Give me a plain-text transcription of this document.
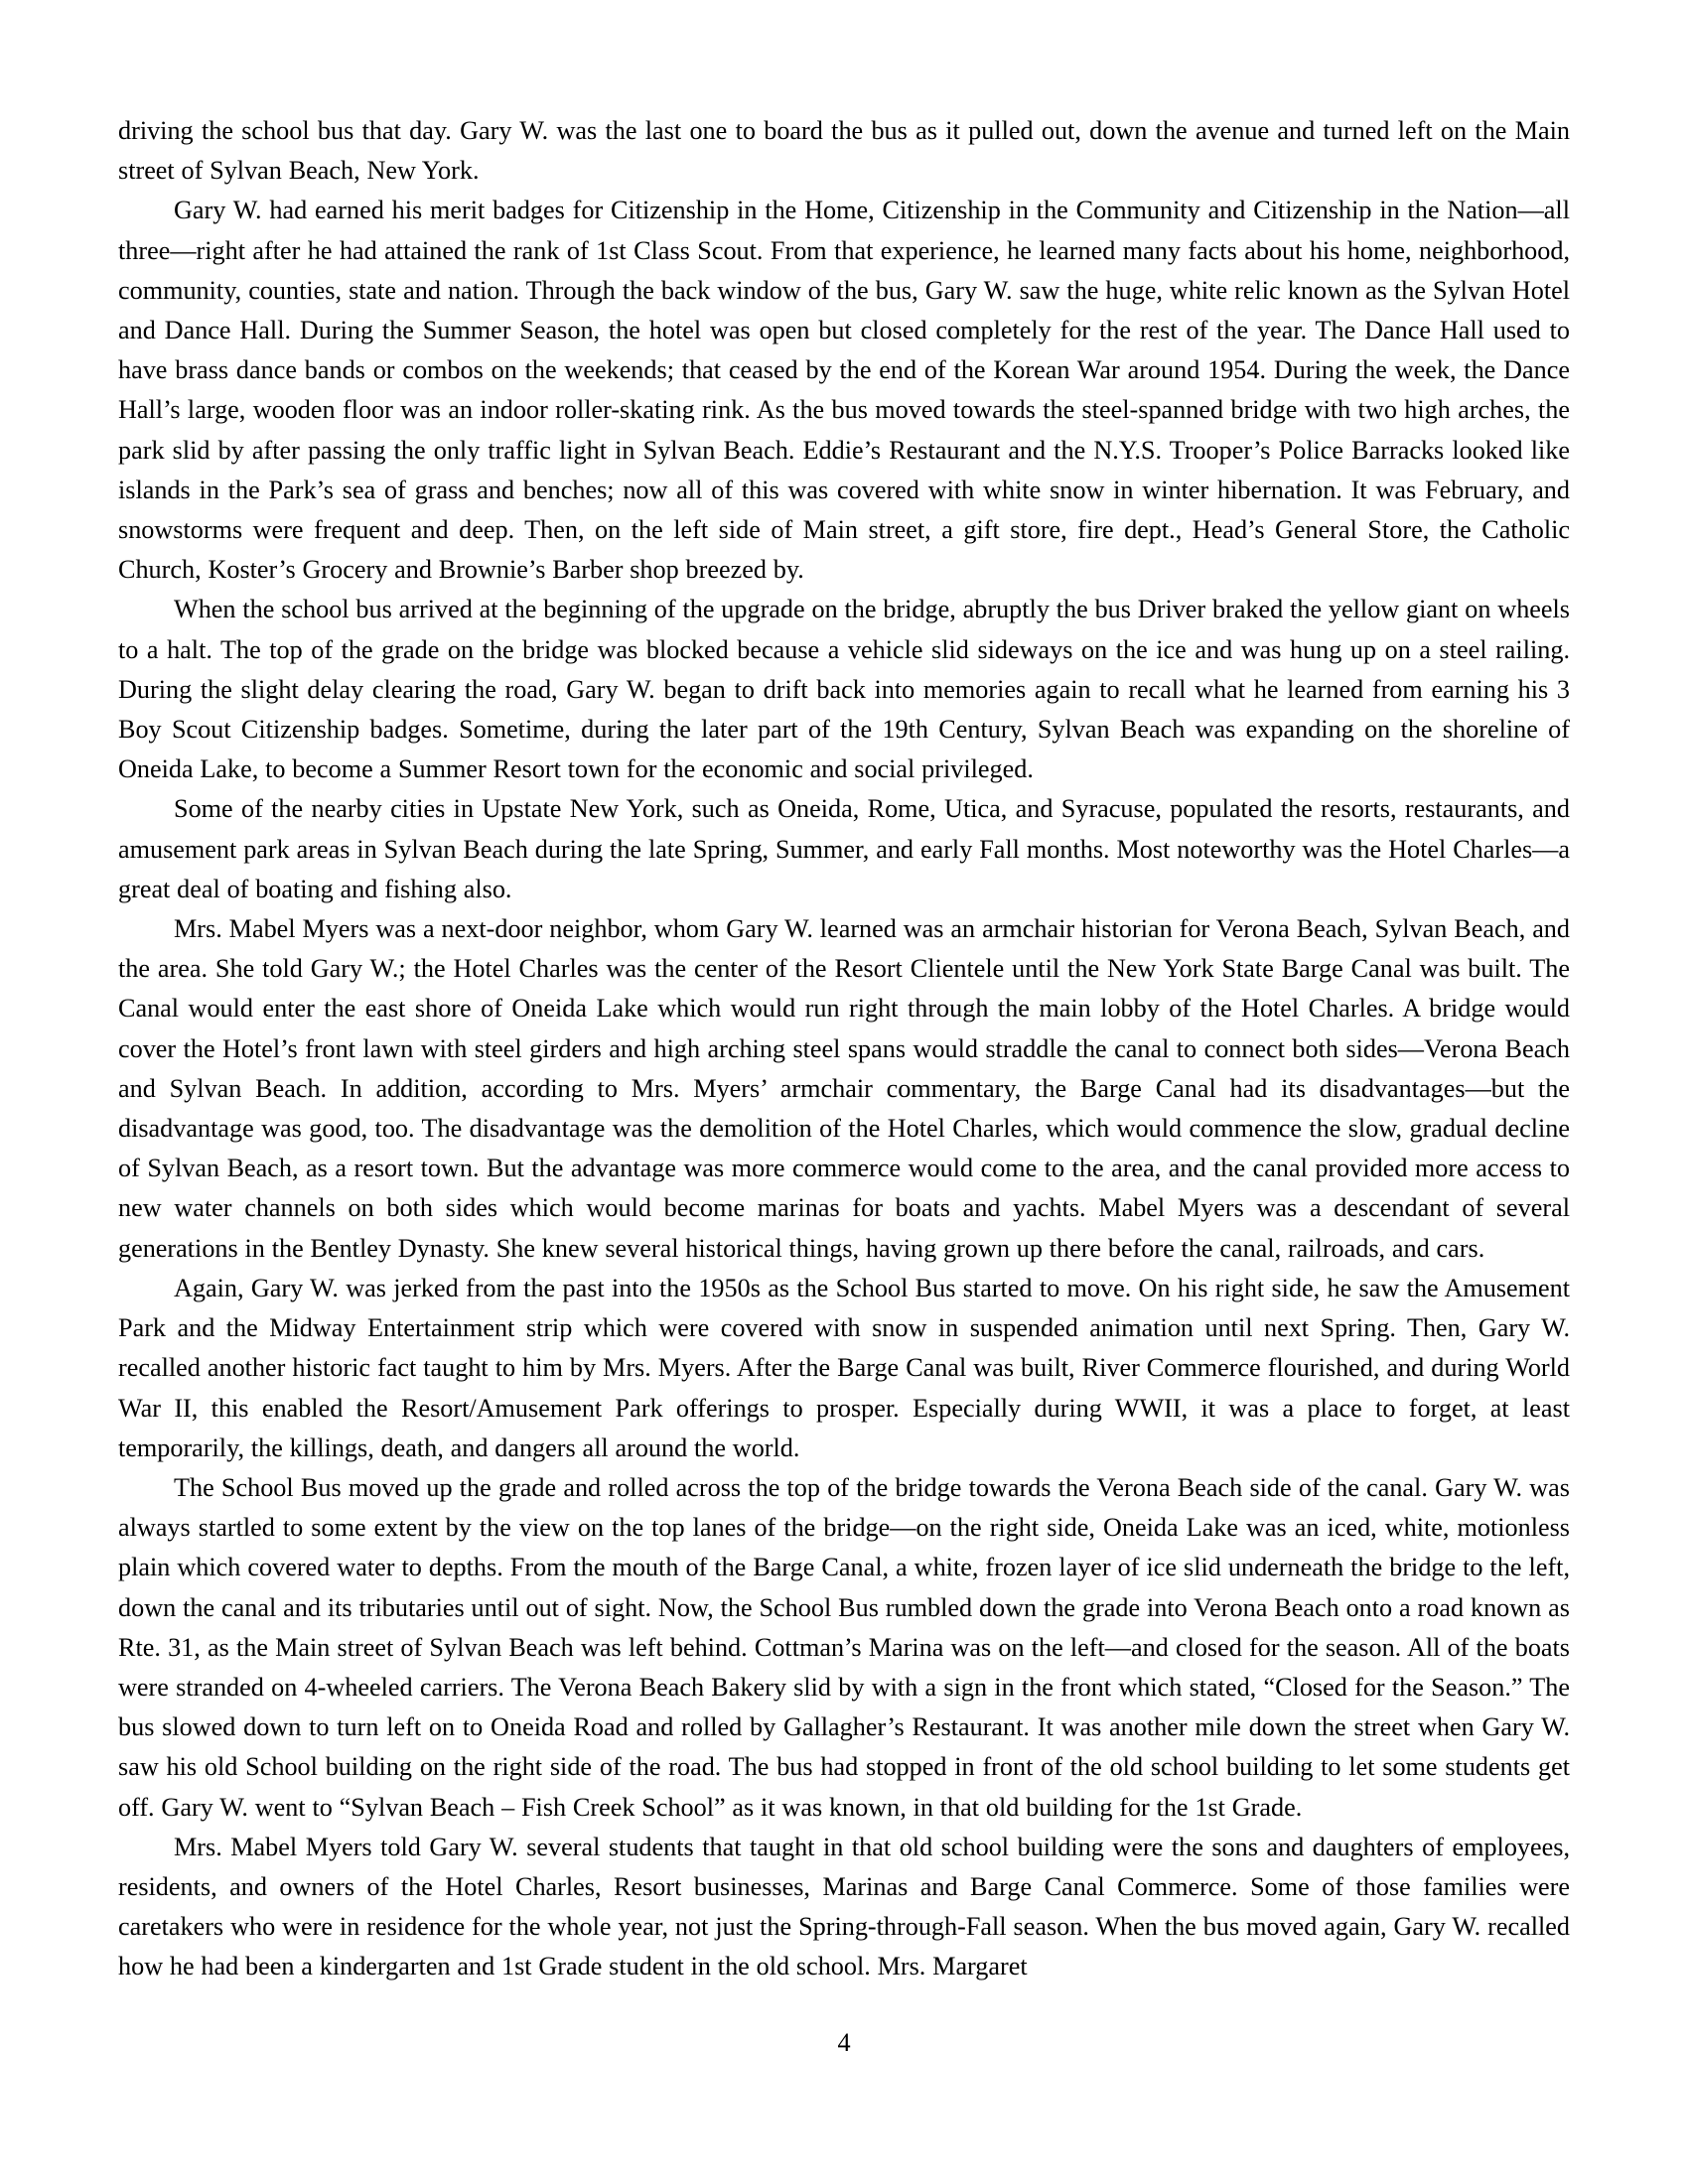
driving the school bus that day. Gary W. was the last one to board the bus as it pulled out, down the avenue and turned left on the Main street of Sylvan Beach, New York.

Gary W. had earned his merit badges for Citizenship in the Home, Citizenship in the Community and Citizenship in the Nation—all three—right after he had attained the rank of 1st Class Scout. From that experience, he learned many facts about his home, neighborhood, community, counties, state and nation. Through the back window of the bus, Gary W. saw the huge, white relic known as the Sylvan Hotel and Dance Hall. During the Summer Season, the hotel was open but closed completely for the rest of the year. The Dance Hall used to have brass dance bands or combos on the weekends; that ceased by the end of the Korean War around 1954. During the week, the Dance Hall’s large, wooden floor was an indoor roller-skating rink. As the bus moved towards the steel-spanned bridge with two high arches, the park slid by after passing the only traffic light in Sylvan Beach. Eddie’s Restaurant and the N.Y.S. Trooper’s Police Barracks looked like islands in the Park’s sea of grass and benches; now all of this was covered with white snow in winter hibernation. It was February, and snowstorms were frequent and deep. Then, on the left side of Main street, a gift store, fire dept., Head’s General Store, the Catholic Church, Koster’s Grocery and Brownie’s Barber shop breezed by.

When the school bus arrived at the beginning of the upgrade on the bridge, abruptly the bus Driver braked the yellow giant on wheels to a halt. The top of the grade on the bridge was blocked because a vehicle slid sideways on the ice and was hung up on a steel railing. During the slight delay clearing the road, Gary W. began to drift back into memories again to recall what he learned from earning his 3 Boy Scout Citizenship badges. Sometime, during the later part of the 19th Century, Sylvan Beach was expanding on the shoreline of Oneida Lake, to become a Summer Resort town for the economic and social privileged.

Some of the nearby cities in Upstate New York, such as Oneida, Rome, Utica, and Syracuse, populated the resorts, restaurants, and amusement park areas in Sylvan Beach during the late Spring, Summer, and early Fall months. Most noteworthy was the Hotel Charles—a great deal of boating and fishing also.

Mrs. Mabel Myers was a next-door neighbor, whom Gary W. learned was an armchair historian for Verona Beach, Sylvan Beach, and the area. She told Gary W.; the Hotel Charles was the center of the Resort Clientele until the New York State Barge Canal was built. The Canal would enter the east shore of Oneida Lake which would run right through the main lobby of the Hotel Charles. A bridge would cover the Hotel’s front lawn with steel girders and high arching steel spans would straddle the canal to connect both sides—Verona Beach and Sylvan Beach. In addition, according to Mrs. Myers’ armchair commentary, the Barge Canal had its disadvantages—but the disadvantage was good, too. The disadvantage was the demolition of the Hotel Charles, which would commence the slow, gradual decline of Sylvan Beach, as a resort town. But the advantage was more commerce would come to the area, and the canal provided more access to new water channels on both sides which would become marinas for boats and yachts. Mabel Myers was a descendant of several generations in the Bentley Dynasty. She knew several historical things, having grown up there before the canal, railroads, and cars.

Again, Gary W. was jerked from the past into the 1950s as the School Bus started to move. On his right side, he saw the Amusement Park and the Midway Entertainment strip which were covered with snow in suspended animation until next Spring. Then, Gary W. recalled another historic fact taught to him by Mrs. Myers. After the Barge Canal was built, River Commerce flourished, and during World War II, this enabled the Resort/Amusement Park offerings to prosper. Especially during WWII, it was a place to forget, at least temporarily, the killings, death, and dangers all around the world.

The School Bus moved up the grade and rolled across the top of the bridge towards the Verona Beach side of the canal. Gary W. was always startled to some extent by the view on the top lanes of the bridge—on the right side, Oneida Lake was an iced, white, motionless plain which covered water to depths. From the mouth of the Barge Canal, a white, frozen layer of ice slid underneath the bridge to the left, down the canal and its tributaries until out of sight. Now, the School Bus rumbled down the grade into Verona Beach onto a road known as Rte. 31, as the Main street of Sylvan Beach was left behind. Cottman’s Marina was on the left—and closed for the season. All of the boats were stranded on 4-wheeled carriers. The Verona Beach Bakery slid by with a sign in the front which stated, “Closed for the Season.” The bus slowed down to turn left on to Oneida Road and rolled by Gallagher’s Restaurant. It was another mile down the street when Gary W. saw his old School building on the right side of the road. The bus had stopped in front of the old school building to let some students get off. Gary W. went to “Sylvan Beach – Fish Creek School” as it was known, in that old building for the 1st Grade.

Mrs. Mabel Myers told Gary W. several students that taught in that old school building were the sons and daughters of employees, residents, and owners of the Hotel Charles, Resort businesses, Marinas and Barge Canal Commerce. Some of those families were caretakers who were in residence for the whole year, not just the Spring-through-Fall season. When the bus moved again, Gary W. recalled how he had been a kindergarten and 1st Grade student in the old school. Mrs. Margaret

4
